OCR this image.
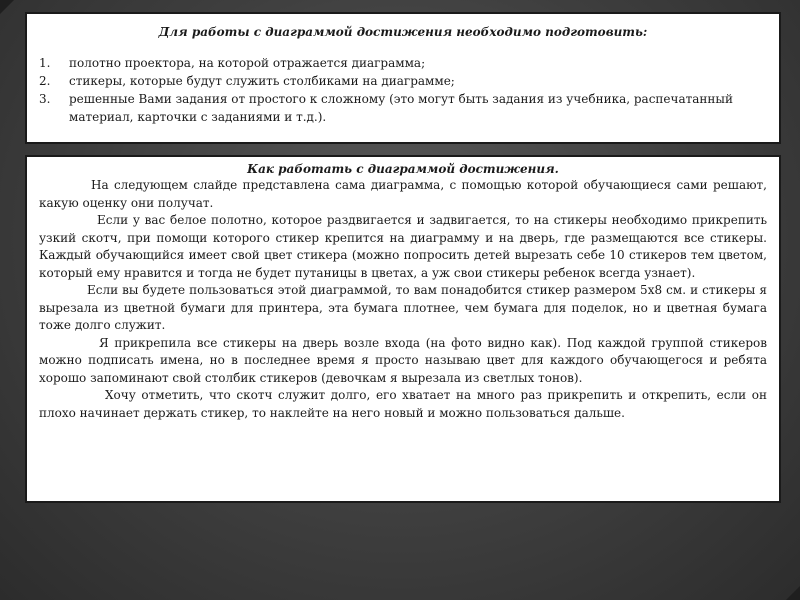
Для работы с диаграммой достижения необходимо подготовить:

1.	полотно проектора, на которой отражается диаграмма;
2.	стикеры, которые будут служить столбиками на диаграмме;
3.	решенные Вами задания от простого к сложному (это могут быть задания из учебника, распечатанный материал, карточки с заданиями и т.д.).

Как работать с диаграммой достижения.

На следующем слайде представлена сама диаграмма, с помощью которой обучающиеся сами решают, какую оценку они получат.

Если у вас белое полотно, которое раздвигается и задвигается, то на стикеры необходимо прикрепить узкий скотч, при помощи которого стикер крепится на диаграмму и на дверь, где размещаются все стикеры. Каждый обучающийся имеет свой цвет стикера (можно попросить детей вырезать себе 10 стикеров тем цветом, который ему нравится и тогда не будет путаницы в цветах, а уж свои стикеры ребенок всегда узнает).

Если вы будете пользоваться этой диаграммой, то вам понадобится стикер размером 5х8 см. и стикеры я вырезала из цветной бумаги для принтера, эта бумага плотнее, чем бумага для поделок, но и цветная бумага тоже долго служит.

Я прикрепила все стикеры на дверь возле входа (на фото видно как). Под каждой группой стикеров можно подписать имена, но в последнее время я просто называю цвет для каждого обучающегося и ребята хорошо запоминают свой столбик стикеров (девочкам я вырезала из светлых тонов).

Хочу отметить, что скотч служит долго, его хватает на много раз прикрепить и открепить, если он плохо начинает держать стикер, то наклейте на него новый и можно пользоваться дальше.
